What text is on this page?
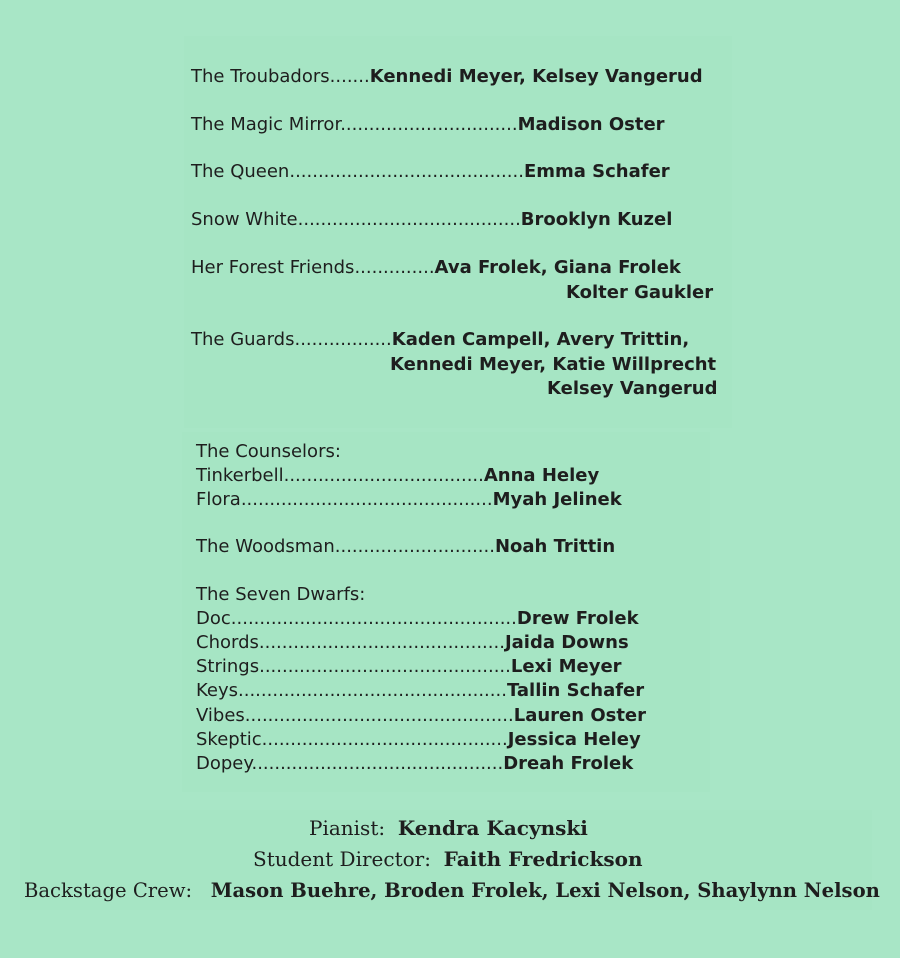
The Troubadors.......Kennedi Meyer, Kelsey Vangerud
The Magic Mirror...............................Madison Oster
The Queen.........................................Emma Schafer
Snow White.......................................Brooklyn Kuzel
Her Forest Friends..............Ava Frolek, Giana Frolek
Kolter Gaukler
The Guards.................Kaden Campell, Avery Trittin,
Kennedi Meyer, Katie Willprecht
Kelsey Vangerud
The Counselors:
Tinkerbell...................................Anna Heley
Flora............................................Myah Jelinek
The Woodsman............................Noah Trittin
The Seven Dwarfs:
Doc..................................................Drew Frolek
Chords...........................................Jaida Downs
Strings............................................Lexi Meyer
Keys...............................................Tallin Schafer
Vibes...............................................Lauren Oster
Skeptic...........................................Jessica Heley
Dopey............................................Dreah Frolek
Pianist: Kendra Kacynski
Student Director: Faith Fredrickson
Backstage Crew: Mason Buehre, Broden Frolek, Lexi Nelson, Shaylynn Nelson
